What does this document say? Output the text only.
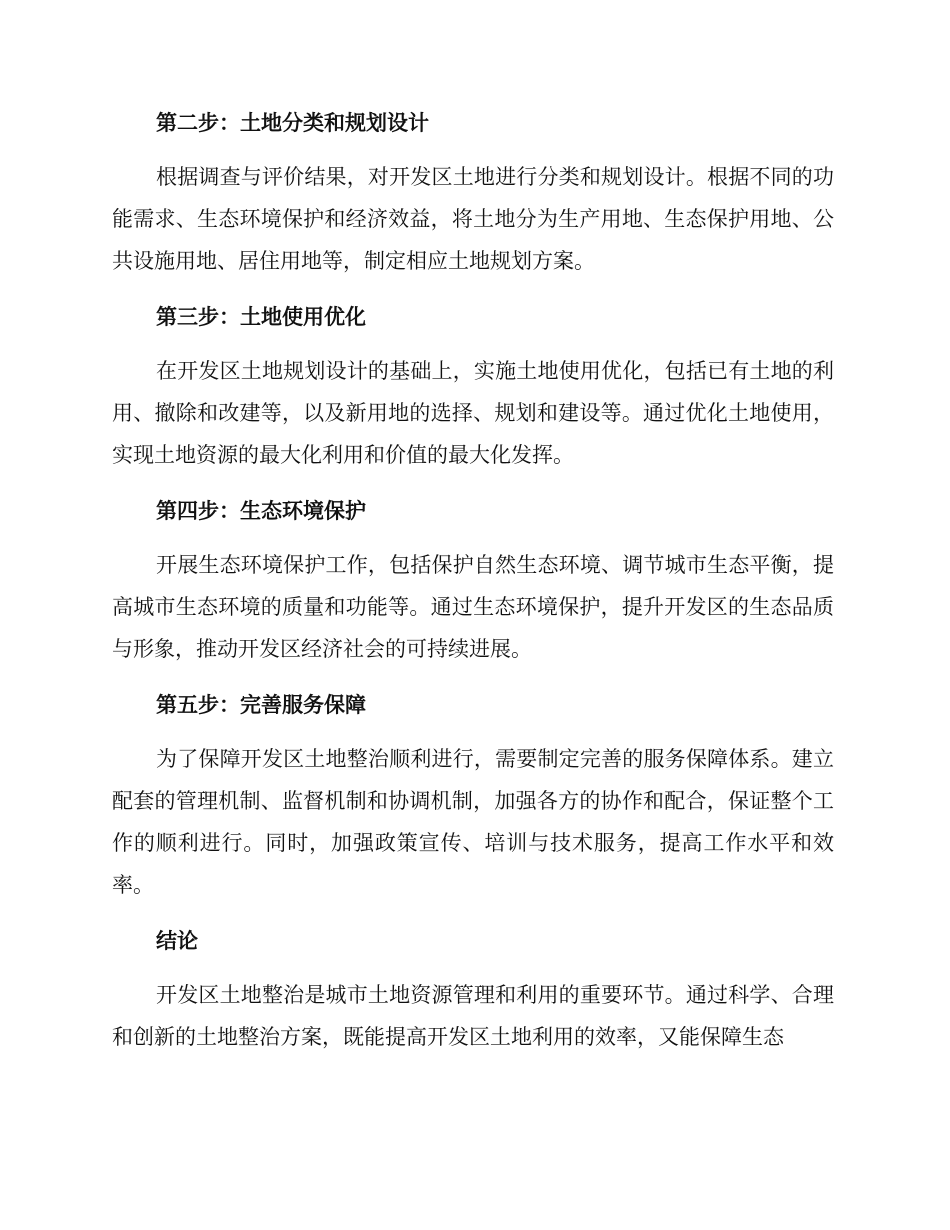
第二步：土地分类和规划设计

根据调查与评价结果，对开发区土地进行分类和规划设计。根据不同的功能需求、生态环境保护和经济效益，将土地分为生产用地、生态保护用地、公共设施用地、居住用地等，制定相应土地规划方案。

第三步：土地使用优化

在开发区土地规划设计的基础上，实施土地使用优化，包括已有土地的利用、撤除和改建等，以及新用地的选择、规划和建设等。通过优化土地使用，实现土地资源的最大化利用和价值的最大化发挥。

第四步：生态环境保护

开展生态环境保护工作，包括保护自然生态环境、调节城市生态平衡，提高城市生态环境的质量和功能等。通过生态环境保护，提升开发区的生态品质与形象，推动开发区经济社会的可持续进展。

第五步：完善服务保障

为了保障开发区土地整治顺利进行，需要制定完善的服务保障体系。建立配套的管理机制、监督机制和协调机制，加强各方的协作和配合，保证整个工作的顺利进行。同时，加强政策宣传、培训与技术服务，提高工作水平和效率。

结论

开发区土地整治是城市土地资源管理和利用的重要环节。通过科学、合理和创新的土地整治方案，既能提高开发区土地利用的效率，又能保障生态
